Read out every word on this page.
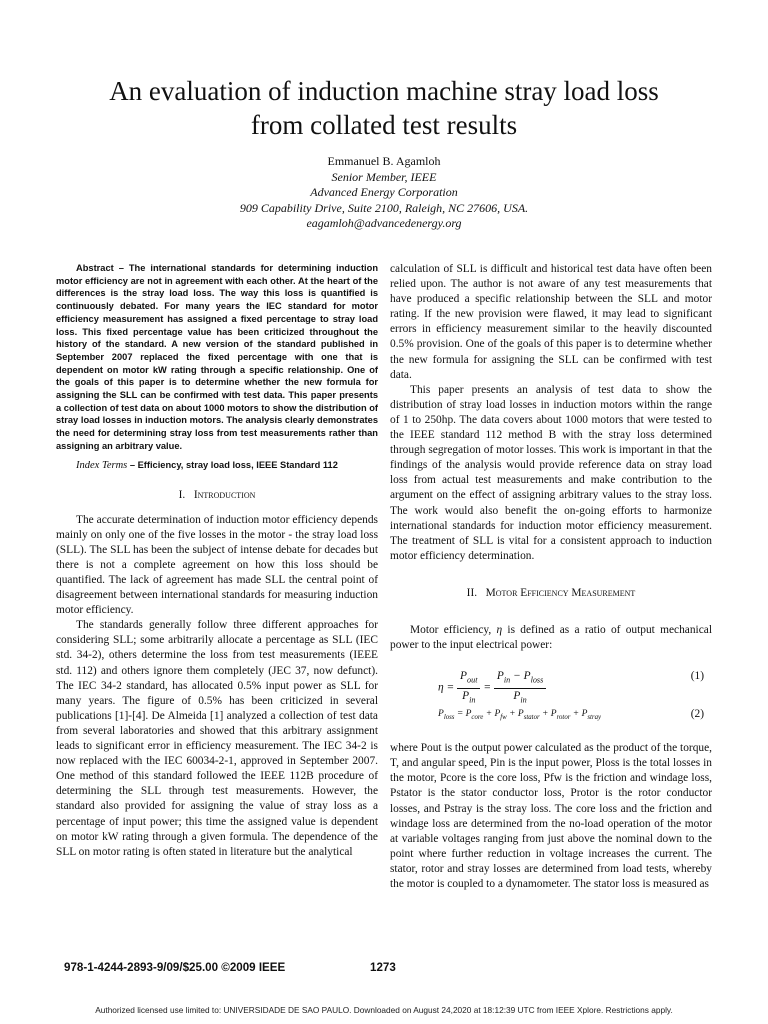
An evaluation of induction machine stray load loss
from collated test results
Emmanuel B. Agamloh
Senior Member, IEEE
Advanced Energy Corporation
909 Capability Drive, Suite 2100, Raleigh, NC 27606, USA.
eagamloh@advancedenergy.org

Abstract – The international standards for determining induction motor efficiency are not in agreement with each other. At the heart of the differences is the stray load loss. The way this loss is quantified is continuously debated. For many years the IEC standard for motor efficiency measurement has assigned a fixed percentage to stray load loss. This fixed percentage value has been criticized throughout the history of the standard. A new version of the standard published in September 2007 replaced the fixed percentage with one that is dependent on motor kW rating through a specific relationship. One of the goals of this paper is to determine whether the new formula for assigning the SLL can be confirmed with test data. This paper presents a collection of test data on about 1000 motors to show the distribution of stray load losses in induction motors. The analysis clearly demonstrates the need for determining stray loss from test measurements rather than assigning an arbitrary value.

Index Terms – Efficiency, stray load loss, IEEE Standard 112

I. Introduction

The accurate determination of induction motor efficiency depends mainly on only one of the five losses in the motor - the stray load loss (SLL). The SLL has been the subject of intense debate for decades but there is not a complete agreement on how this loss should be quantified. The lack of agreement has made SLL the central point of disagreement between international standards for measuring induction motor efficiency.

The standards generally follow three different approaches for considering SLL; some arbitrarily allocate a percentage as SLL (IEC std. 34-2), others determine the loss from test measurements (IEEE std. 112) and others ignore them completely (JEC 37, now defunct). The IEC 34-2 standard, has allocated 0.5% input power as SLL for many years. The figure of 0.5% has been criticized in several publications [1]-[4]. De Almeida [1] analyzed a collection of test data from several laboratories and showed that this arbitrary assignment leads to significant error in efficiency measurement. The IEC 34-2 is now replaced with the IEC 60034-2-1, approved in September 2007. One method of this standard followed the IEEE 112B procedure of determining the SLL through test measurements. However, the standard also provided for assigning the value of stray loss as a percentage of input power; this time the assigned value is dependent on motor kW rating through a given formula. The dependence of the SLL on motor rating is often stated in literature but the analytical

calculation of SLL is difficult and historical test data have often been relied upon. The author is not aware of any test measurements that have produced a specific relationship between the SLL and motor rating. If the new provision were flawed, it may lead to significant errors in efficiency measurement similar to the heavily discounted 0.5% provision. One of the goals of this paper is to determine whether the new formula for assigning the SLL can be confirmed with test data.

This paper presents an analysis of test data to show the distribution of stray load losses in induction motors within the range of 1 to 250hp. The data covers about 1000 motors that were tested to the IEEE standard 112 method B with the stray loss determined through segregation of motor losses. This work is important in that the findings of the analysis would provide reference data on stray load loss from actual test measurements and make contribution to the argument on the effect of assigning arbitrary values to the stray loss. The work would also benefit the on-going efforts to harmonize international standards for induction motor efficiency measurement. The treatment of SLL is vital for a consistent approach to induction motor efficiency determination.

II. Motor Efficiency Measurement

Motor efficiency, η is defined as a ratio of output mechanical power to the input electrical power:

$\eta = \frac{P_{out}}{P_{in}} = \frac{P_{in} - P_{loss}}{P_{in}}$	(1)
$P_{loss} = P_{core} + P_{fw} + P_{stator} + P_{rotor} + P_{stray}$	(2)

where Pout is the output power calculated as the product of the torque, T, and angular speed, Pin is the input power, Ploss is the total losses in the motor, Pcore is the core loss, Pfw is the friction and windage loss, Pstator is the stator conductor loss, Protor is the rotor conductor losses, and Pstray is the stray loss. The core loss and the friction and windage loss are determined from the no-load operation of the motor at variable voltages ranging from just above the nominal down to the point where further reduction in voltage increases the current. The stator, rotor and stray losses are determined from load tests, whereby the motor is coupled to a dynamometer. The stator loss is measured as

978-1-4244-2893-9/09/$25.00 ©2009 IEEE	1273
Authorized licensed use limited to: UNIVERSIDADE DE SAO PAULO. Downloaded on August 24,2020 at 18:12:39 UTC from IEEE Xplore. Restrictions apply.
